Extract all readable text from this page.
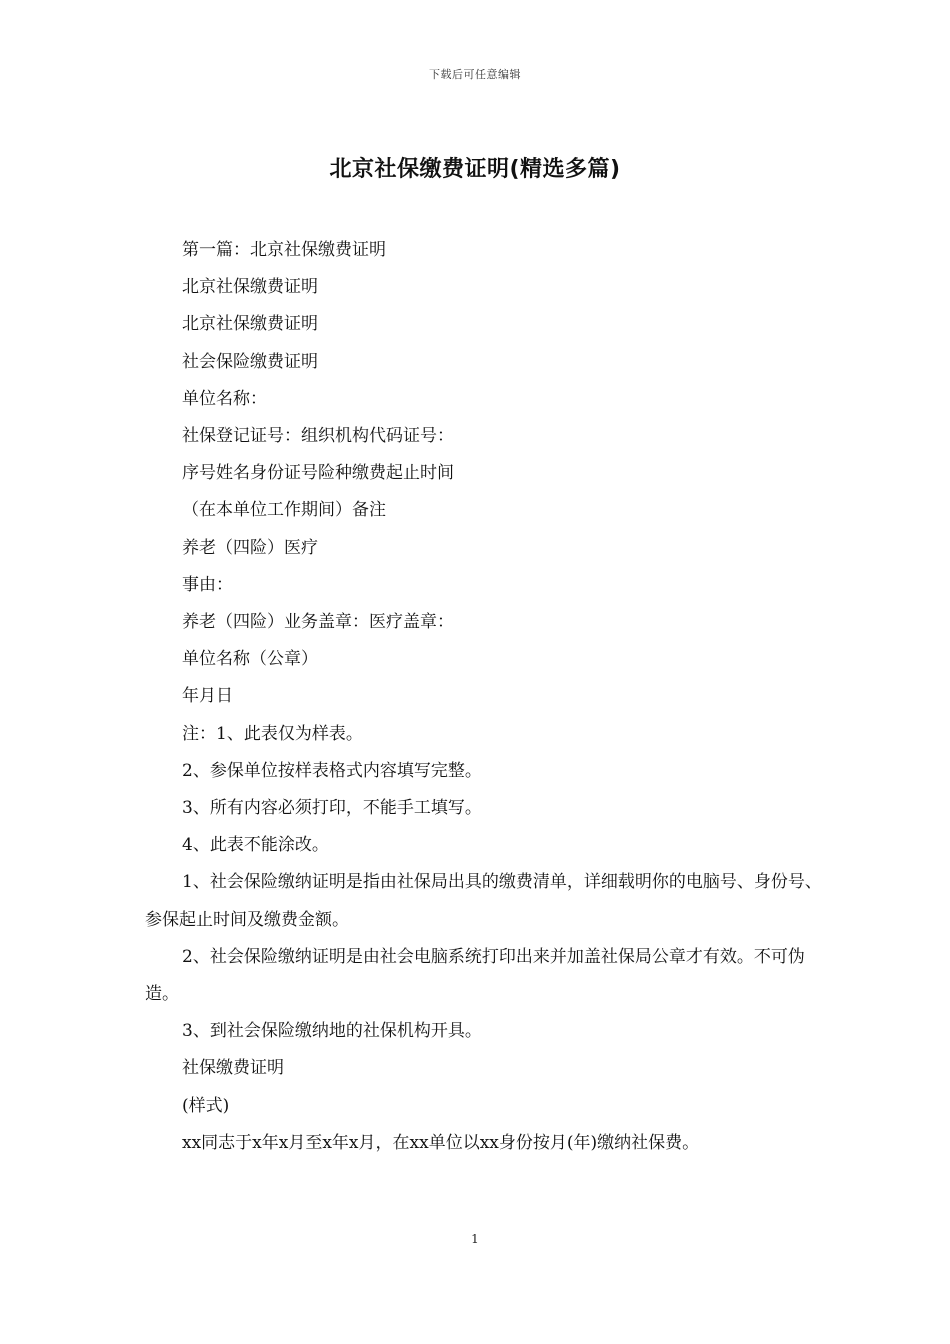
下载后可任意编辑
北京社保缴费证明(精选多篇)

第一篇：北京社保缴费证明

北京社保缴费证明

北京社保缴费证明

社会保险缴费证明

单位名称：

社保登记证号：组织机构代码证号：

序号姓名身份证号险种缴费起止时间

（在本单位工作期间）备注

养老（四险）医疗

事由：

养老（四险）业务盖章：医疗盖章：

单位名称（公章）

年月日

注：1、此表仅为样表。

2、参保单位按样表格式内容填写完整。

3、所有内容必须打印，不能手工填写。

4、此表不能涂改。

1、社会保险缴纳证明是指由社保局出具的缴费清单，详细载明你的电脑号、身份号、参保起止时间及缴费金额。

2、社会保险缴纳证明是由社会电脑系统打印出来并加盖社保局公章才有效。不可伪造。

3、到社会保险缴纳地的社保机构开具。

社保缴费证明

(样式)

xx同志于x年x月至x年x月，在xx单位以xx身份按月(年)缴纳社保费。

1
